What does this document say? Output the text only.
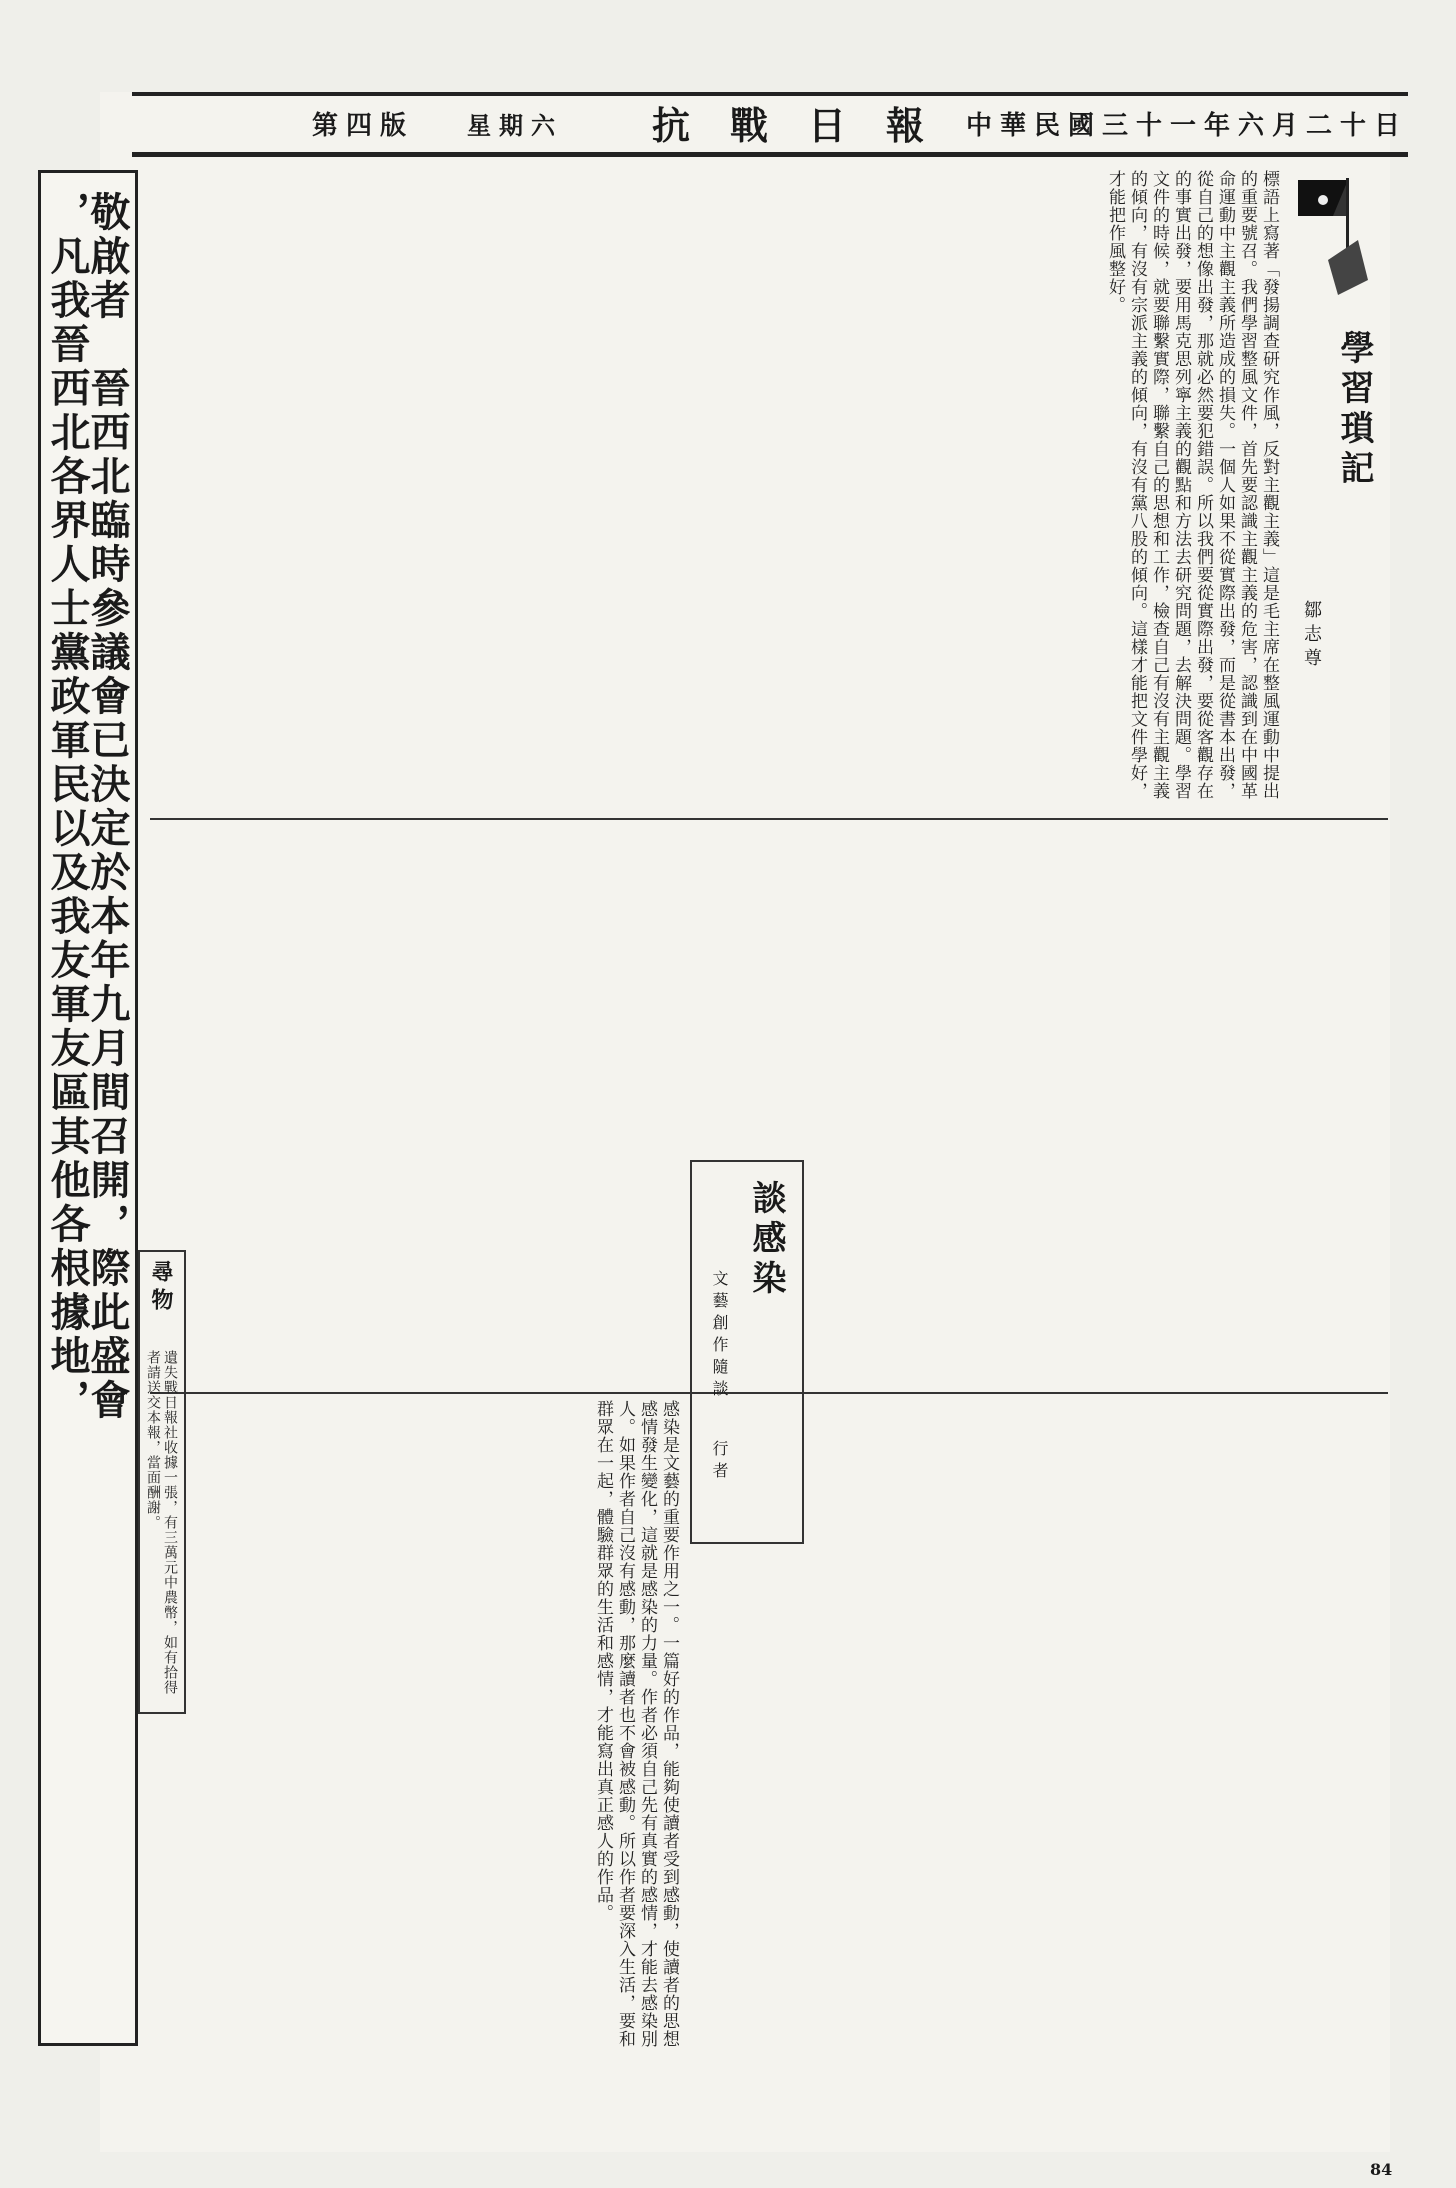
中華民國三十一年六月二十日
抗戰日報
星期六
第四版
學習瑣記
鄒志尊
標語上寫著「發揚調查研究作風，反對主觀主義」這是毛主席在整風運動中提出的重要號召。我們學習整風文件，首先要認識主觀主義的危害，認識到在中國革命運動中主觀主義所造成的損失。一個人如果不從實際出發，而是從書本出發，從自己的想像出發，那就必然要犯錯誤。所以我們要從實際出發，要從客觀存在的事實出發，要用馬克思列寧主義的觀點和方法去研究問題，去解決問題。學習文件的時候，就要聯繫實際，聯繫自己的思想和工作，檢查自己有沒有主觀主義的傾向，有沒有宗派主義的傾向，有沒有黨八股的傾向。這樣才能把文件學好，才能把作風整好。
談感染
文藝創作隨談
行者
感染是文藝的重要作用之一。一篇好的作品，能夠使讀者受到感動，使讀者的思想感情發生變化，這就是感染的力量。作者必須自己先有真實的感情，才能去感染別人。如果作者自己沒有感動，那麼讀者也不會被感動。所以作者要深入生活，要和群眾在一起，體驗群眾的生活和感情，才能寫出真正感人的作品。
敬啟者　晉西北臨時參議會已決定於本年九月間召開，際此盛會
，凡我晉西北各界人士黨政軍民以及我友軍友區其他各根據地，	尋物
遺失戰日報社收據一張，有三萬元中農幣，如有拾得者請送交本報，當面酬謝。
84
